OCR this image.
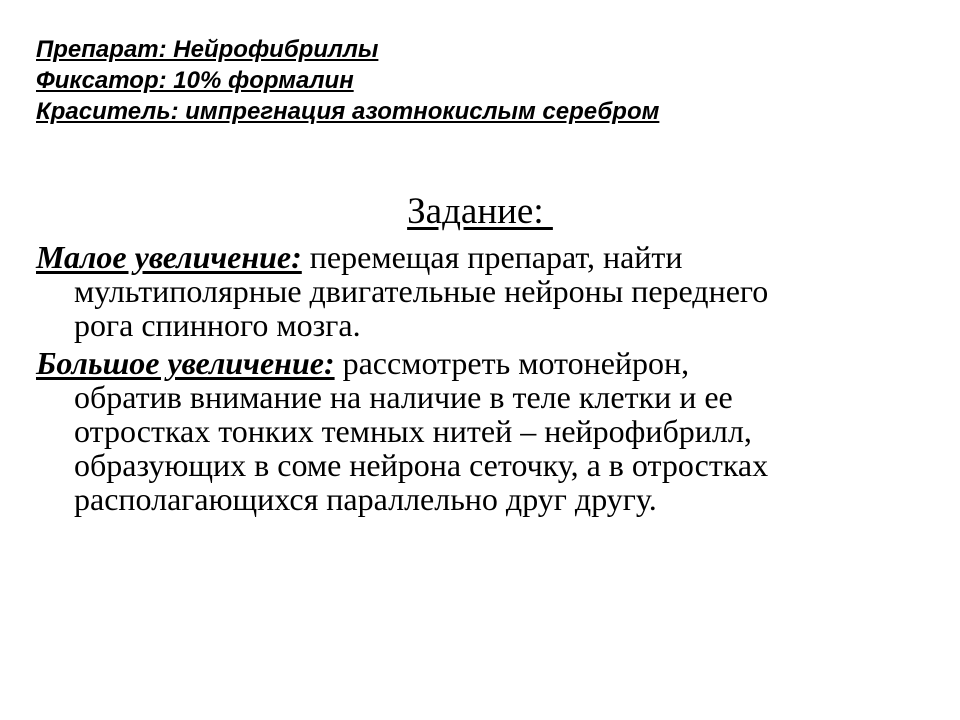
Препарат: Нейрофибриллы
Фиксатор: 10% формалин
Краситель: импрегнация азотнокислым серебром
Задание:
Малое увеличение: перемещая препарат, найти
мультиполярные двигательные нейроны переднего
рога спинного мозга.
Большое увеличение: рассмотреть мотонейрон,
обратив внимание на наличие в теле клетки и ее
отростках тонких темных нитей – нейрофибрилл,
образующих в соме нейрона сеточку, а в отростках
располагающихся параллельно друг другу.
